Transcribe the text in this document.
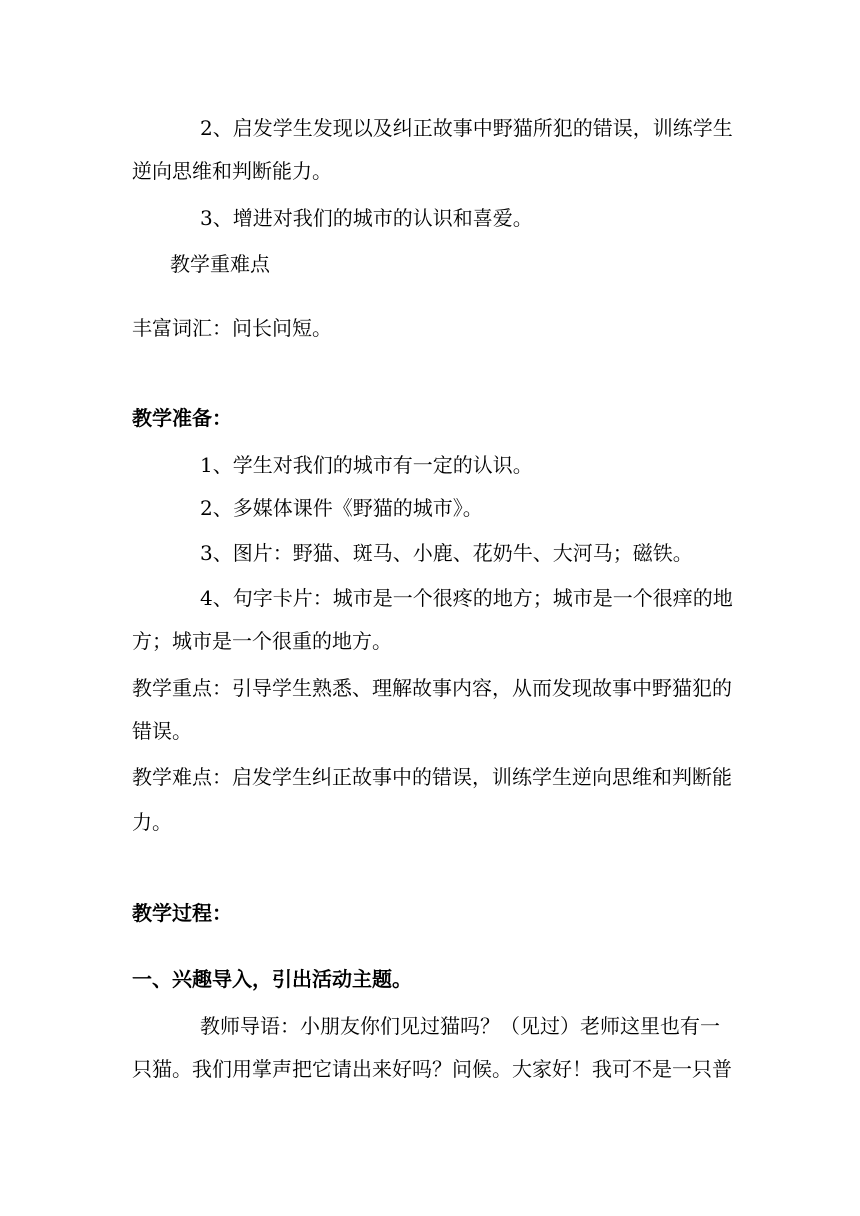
2、启发学生发现以及纠正故事中野猫所犯的错误，训练学生
逆向思维和判断能力。
3、增进对我们的城市的认识和喜爱。
教学重难点
丰富词汇：问长问短。
教学准备：
1、学生对我们的城市有一定的认识。
2、多媒体课件《野猫的城市》。
3、图片：野猫、斑马、小鹿、花奶牛、大河马；磁铁。
4、句字卡片：城市是一个很疼的地方；城市是一个很痒的地
方；城市是一个很重的地方。
教学重点：引导学生熟悉、理解故事内容，从而发现故事中野猫犯的
错误。
教学难点：启发学生纠正故事中的错误，训练学生逆向思维和判断能
力。
教学过程：
一、兴趣导入，引出活动主题。
教师导语：小朋友你们见过猫吗？（见过）老师这里也有一
只猫。我们用掌声把它请出来好吗？问候。大家好！我可不是一只普
